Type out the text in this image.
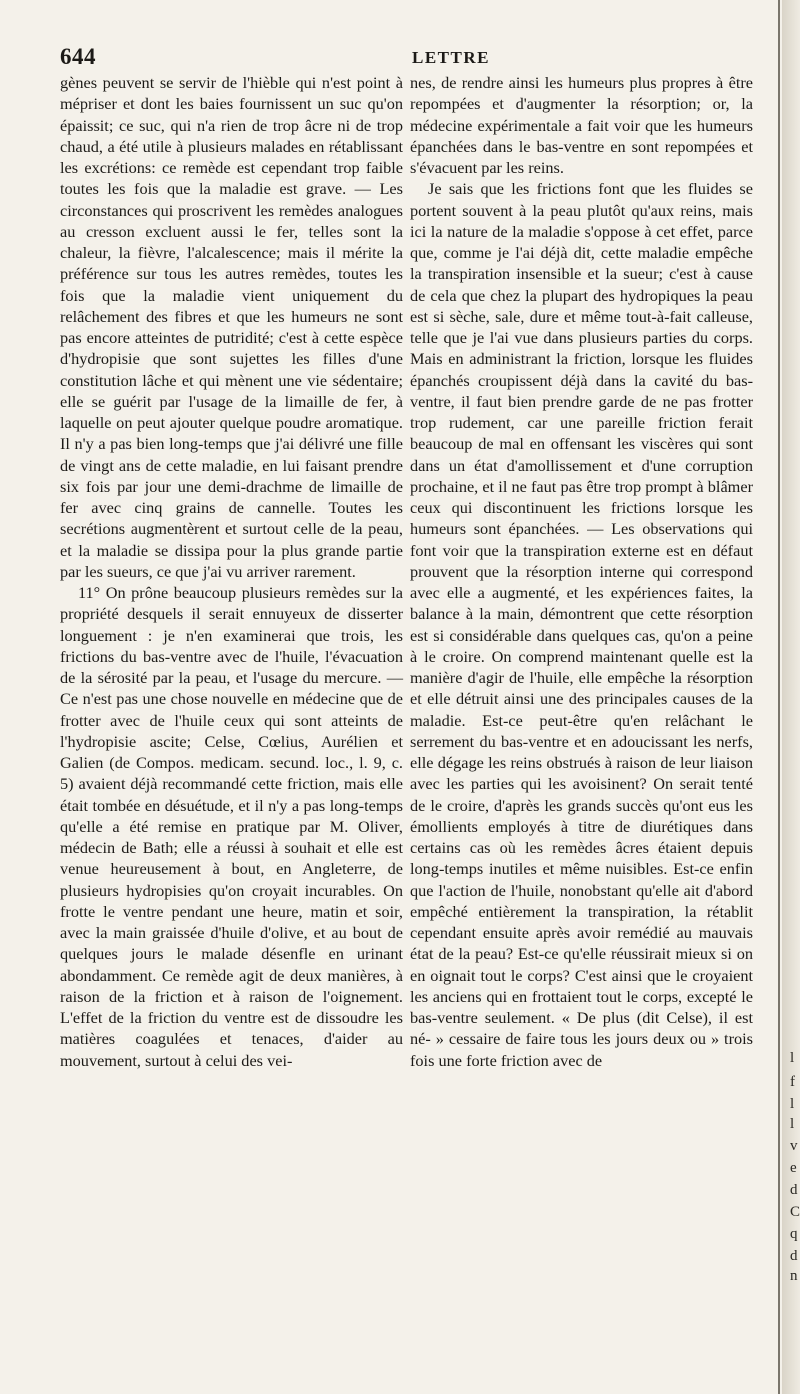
644	LETTRE

gènes peuvent se servir de l'hièble qui n'est point à mépriser et dont les baies fournissent un suc qu'on épaissit; ce suc, qui n'a rien de trop âcre ni de trop chaud, a été utile à plusieurs malades en rétablissant les excrétions: ce remède est cependant trop faible toutes les fois que la maladie est grave. — Les circonstances qui proscrivent les remèdes analogues au cresson excluent aussi le fer, telles sont la chaleur, la fièvre, l'alcalescence; mais il mérite la préférence sur tous les autres remèdes, toutes les fois que la maladie vient uniquement du relâchement des fibres et que les humeurs ne sont pas encore atteintes de putridité; c'est à cette espèce d'hydropisie que sont sujettes les filles d'une constitution lâche et qui mènent une vie sédentaire; elle se guérit par l'usage de la limaille de fer, à laquelle on peut ajouter quelque poudre aromatique. Il n'y a pas bien long-temps que j'ai délivré une fille de vingt ans de cette maladie, en lui faisant prendre six fois par jour une demi-drachme de limaille de fer avec cinq grains de cannelle. Toutes les secrétions augmentèrent et surtout celle de la peau, et la maladie se dissipa pour la plus grande partie par les sueurs, ce que j'ai vu arriver rarement.

11° On prône beaucoup plusieurs remèdes sur la propriété desquels il serait ennuyeux de disserter longuement : je n'en examinerai que trois, les frictions du bas-ventre avec de l'huile, l'évacuation de la sérosité par la peau, et l'usage du mercure. — Ce n'est pas une chose nouvelle en médecine que de frotter avec de l'huile ceux qui sont atteints de l'hydropisie ascite; Celse, Cœlius, Aurélien et Galien (de Compos. medicam. secund. loc., l. 9, c. 5) avaient déjà recommandé cette friction, mais elle était tombée en désuétude, et il n'y a pas long-temps qu'elle a été remise en pratique par M. Oliver, médecin de Bath; elle a réussi à souhait et elle est venue heureusement à bout, en Angleterre, de plusieurs hydropisies qu'on croyait incurables. On frotte le ventre pendant une heure, matin et soir, avec la main graissée d'huile d'olive, et au bout de quelques jours le malade désenfle en urinant abondamment. Ce remède agit de deux manières, à raison de la friction et à raison de l'oignement. L'effet de la friction du ventre est de dissoudre les matières coagulées et tenaces, d'aider au mouvement, surtout à celui des vei-

nes, de rendre ainsi les humeurs plus propres à être repompées et d'augmenter la résorption; or, la médecine expérimentale a fait voir que les humeurs épanchées dans le bas-ventre en sont repompées et s'évacuent par les reins.

Je sais que les frictions font que les fluides se portent souvent à la peau plutôt qu'aux reins, mais ici la nature de la maladie s'oppose à cet effet, parce que, comme je l'ai déjà dit, cette maladie empêche la transpiration insensible et la sueur; c'est à cause de cela que chez la plupart des hydropiques la peau est si sèche, sale, dure et même tout-à-fait calleuse, telle que je l'ai vue dans plusieurs parties du corps. Mais en administrant la friction, lorsque les fluides épanchés croupissent déjà dans la cavité du bas-ventre, il faut bien prendre garde de ne pas frotter trop rudement, car une pareille friction ferait beaucoup de mal en offensant les viscères qui sont dans un état d'amollissement et d'une corruption prochaine, et il ne faut pas être trop prompt à blâmer ceux qui discontinuent les frictions lorsque les humeurs sont épanchées. — Les observations qui font voir que la transpiration externe est en défaut prouvent que la résorption interne qui correspond avec elle a augmenté, et les expériences faites, la balance à la main, démontrent que cette résorption est si considérable dans quelques cas, qu'on a peine à le croire. On comprend maintenant quelle est la manière d'agir de l'huile, elle empêche la résorption et elle détruit ainsi une des principales causes de la maladie. Est-ce peut-être qu'en relâchant le serrement du bas-ventre et en adoucissant les nerfs, elle dégage les reins obstrués à raison de leur liaison avec les parties qui les avoisinent? On serait tenté de le croire, d'après les grands succès qu'ont eus les émollients employés à titre de diurétiques dans certains cas où les remèdes âcres étaient depuis long-temps inutiles et même nuisibles. Est-ce enfin que l'action de l'huile, nonobstant qu'elle ait d'abord empêché entièrement la transpiration, la rétablit cependant ensuite après avoir remédié au mauvais état de la peau? Est-ce qu'elle réussirait mieux si on en oignait tout le corps? C'est ainsi que le croyaient les anciens qui en frottaient tout le corps, excepté le bas-ventre seulement. « De plus (dit Celse), il est né- » cessaire de faire tous les jours deux ou » trois fois une forte friction avec de	l
f
l
l
v
e
d
C
q
d
n
